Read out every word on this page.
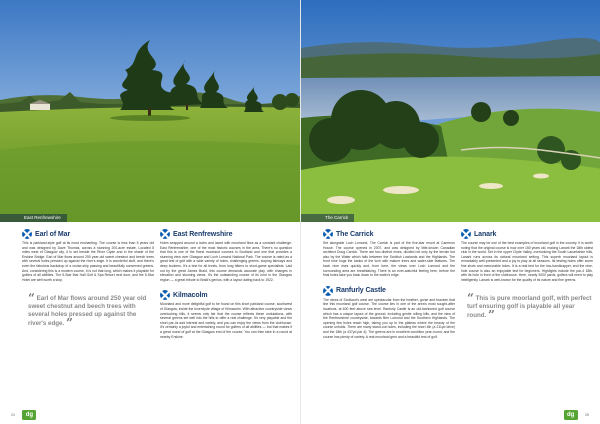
East Renfrewshire
Earl of Mar

This is parkland-style golf at its most enchanting. The course is less than 5 years old and was designed by Dave Thomas, across a stunning 200-acre estate. Located 5 miles west of Glasgow city, it is set beside the River Clyde and in the shade of the Erskine Bridge. Earl of Mar flows around 250 year-old sweet chestnut and beech trees with several holes pressed up against the river's edge. It is wonderful stuff, and there's even the fabulous backdrop of a cruise-ship passing and beautifully conserved greens. And, considering this is a modern course, it is not that long, which makes it playable for golfers of all abilities. The 5-Star Mar Hall Golf & Spa Resort next door, and the 5-Star Hotel are well worth a stop.

“ Earl of Mar flows around 250 year old sweet chestnut and beech trees with several holes pressed up against the river's edge. ”
East Renfrewshire

Holes wrapped around a lochs and laced with moorland flora as a constant challenge. East Renfrewshire, one of the most historic courses in the area. There's no question that this is one of the finest moorland courses in Scotland and one that provides a stunning view over Glasgow and Loch Lomond National Park. The course is rated as a great test of golf with a wide variety of holes, challenging greens, sloping fairways and deep bunkers. It's a test for all levels, from long hitters to short-game specialists. Laid out by the great James Braid, this course demands accurate play, with changes in elevation and stunning views. It's the outstanding course of its kind in the Glasgow region — a great tribute to Braid's genius, with a layout dating back to 1922.

Kilmacolm

Moorland and more delightful golf to be found on this short parkland course, southwest of Glasgow, inside the Inverclyde village of Kilmacolm. With attractive countryside views overlooking hills, it seems only fair that the course reflects these undulations, with several greens set well into the hills to offer a real challenge. It's very playable and the short par-4s add interest and variety, and you can enjoy the views from the clubhouse. It's certainly a joyful and entertaining round for golfers of all abilities — but that makes it a great round of golf at the Glasgow end of the course. You can then take in a round at nearby Erskine.

24 dg
The Carrick
The Carrick

Set alongside Loch Lomond, The Carrick is part of the five-star resort at Cameron House. The course opened in 2007, and was designed by little-known Canadian architect Doug Carrick. There are two distinct nines, divided not only by the terrain but also by the Water which falls between the Scottish Lowlands and the Highlands. The front nine hugs the banks of the loch with mature trees and water-side features. The back nine rises quickly and, from here, the views over Loch Lomond and the surrounding area are breathtaking. There is an ever-watchful feeling here, before the final holes take you back down to the water's edge.

Ranfurly Castle

The views of Scotland's west are spectacular from the heather, gorse and bracken that line this moorland golf course. The course lies in one of the area's most sought-after locations, at 600 feet above sea level. Ranfurly Castle is an old-fashioned golf course which has a unique layout of the ground, including gentle rolling hills, and the view of the Renfrewshire countryside, towards Ben Lomond and the Southern Highlands. The opening few holes reach high, taking you up to the plateau where the beauty of the course unfolds. There are many stand-out holes, including the short 4th (a 211yd drive) and the 18th (a 437yd par 4). The greens are in excellent condition year-round, and the course has plenty of variety. A real moorland gem and a beautiful test of golf.

Lanark

The course may be one of the best examples of moorland golf in the country. It is worth noting that the original course is now over 150 years old, making Lanark the 18th oldest club in the world. Set in the upper Clyde Valley, overlooking the South Lanarkshire hills, Lanark runs across its natural moorland setting. This superb moorland layout is remarkably well-presented and a joy to play at all seasons. Its testing holes offer some fine shots and memorable holes. It is a real test for the low-handicapper, and the nine-hole course is also an enjoyable test for beginners. Highlights include the par-4 18th, with its hole in front of the clubhouse. Here, nearly 3000 yards, golfers will need to play intelligently. Lanark is well-known for the quality of its nature and fine greens.

“ This is pure moorland golf, with perfect turf ensuring golf is playable all year round. ”
dg	25
